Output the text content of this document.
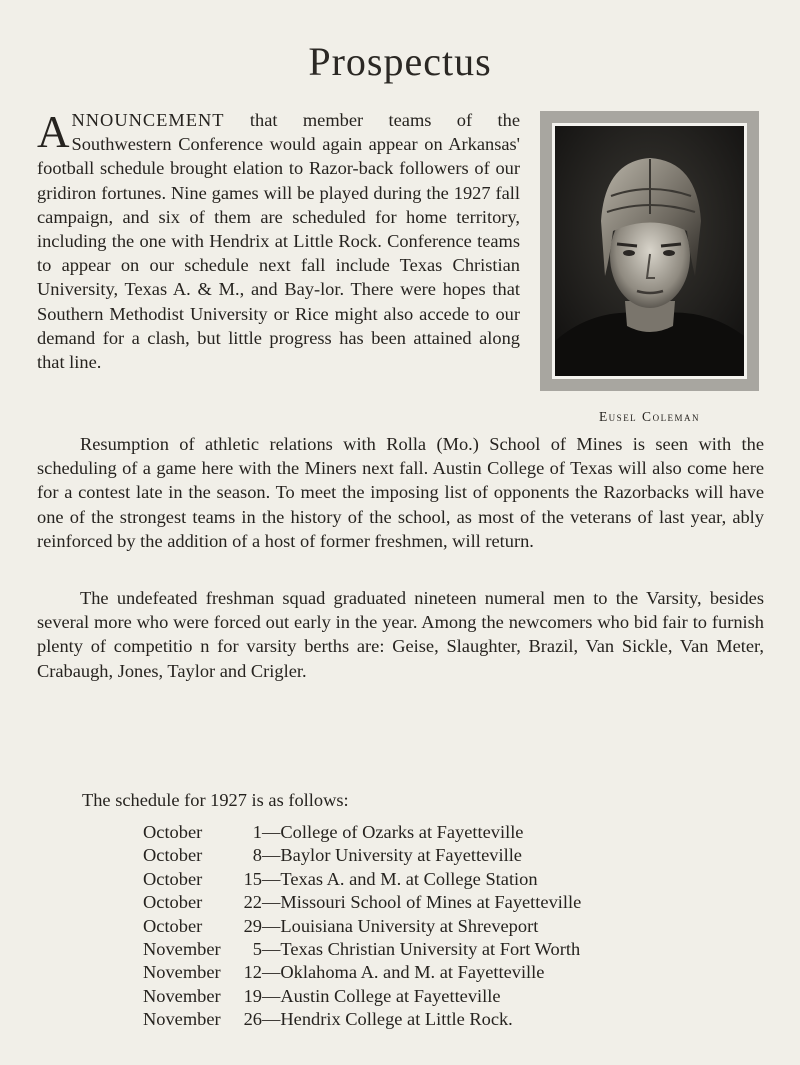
Prospectus

ANNOUNCEMENT that member teams of the Southwestern Conference would again appear on Arkansas' football schedule brought elation to Razor-back followers of our gridiron fortunes. Nine games will be played during the 1927 fall campaign, and six of them are scheduled for home territory, including the one with Hendrix at Little Rock. Conference teams to appear on our schedule next fall include Texas Christian University, Texas A. & M., and Bay-lor. There were hopes that Southern Methodist University or Rice might also accede to our demand for a clash, but little progress has been attained along that line.

Eusel Coleman

Resumption of athletic relations with Rolla (Mo.) School of Mines is seen with the scheduling of a game here with the Miners next fall. Austin College of Texas will also come here for a contest late in the season. To meet the imposing list of opponents the Razorbacks will have one of the strongest teams in the history of the school, as most of the veterans of last year, ably reinforced by the addition of a host of former freshmen, will return.

The undefeated freshman squad graduated nineteen numeral men to the Varsity, besides several more who were forced out early in the year. Among the newcomers who bid fair to furnish plenty of competitio n for varsity berths are: Geise, Slaughter, Brazil, Van Sickle, Van Meter, Crabaugh, Jones, Taylor and Crigler.

The schedule for 1927 is as follows:
October	1 — College of Ozarks at Fayetteville
October	8 — Baylor University at Fayetteville
October	15 — Texas A. and M. at College Station
October	22 — Missouri School of Mines at Fayetteville
October	29 — Louisiana University at Shreveport
November	5 — Texas Christian University at Fort Worth
November	12 — Oklahoma A. and M. at Fayetteville
November	19 — Austin College at Fayetteville
November	26 — Hendrix College at Little Rock.
